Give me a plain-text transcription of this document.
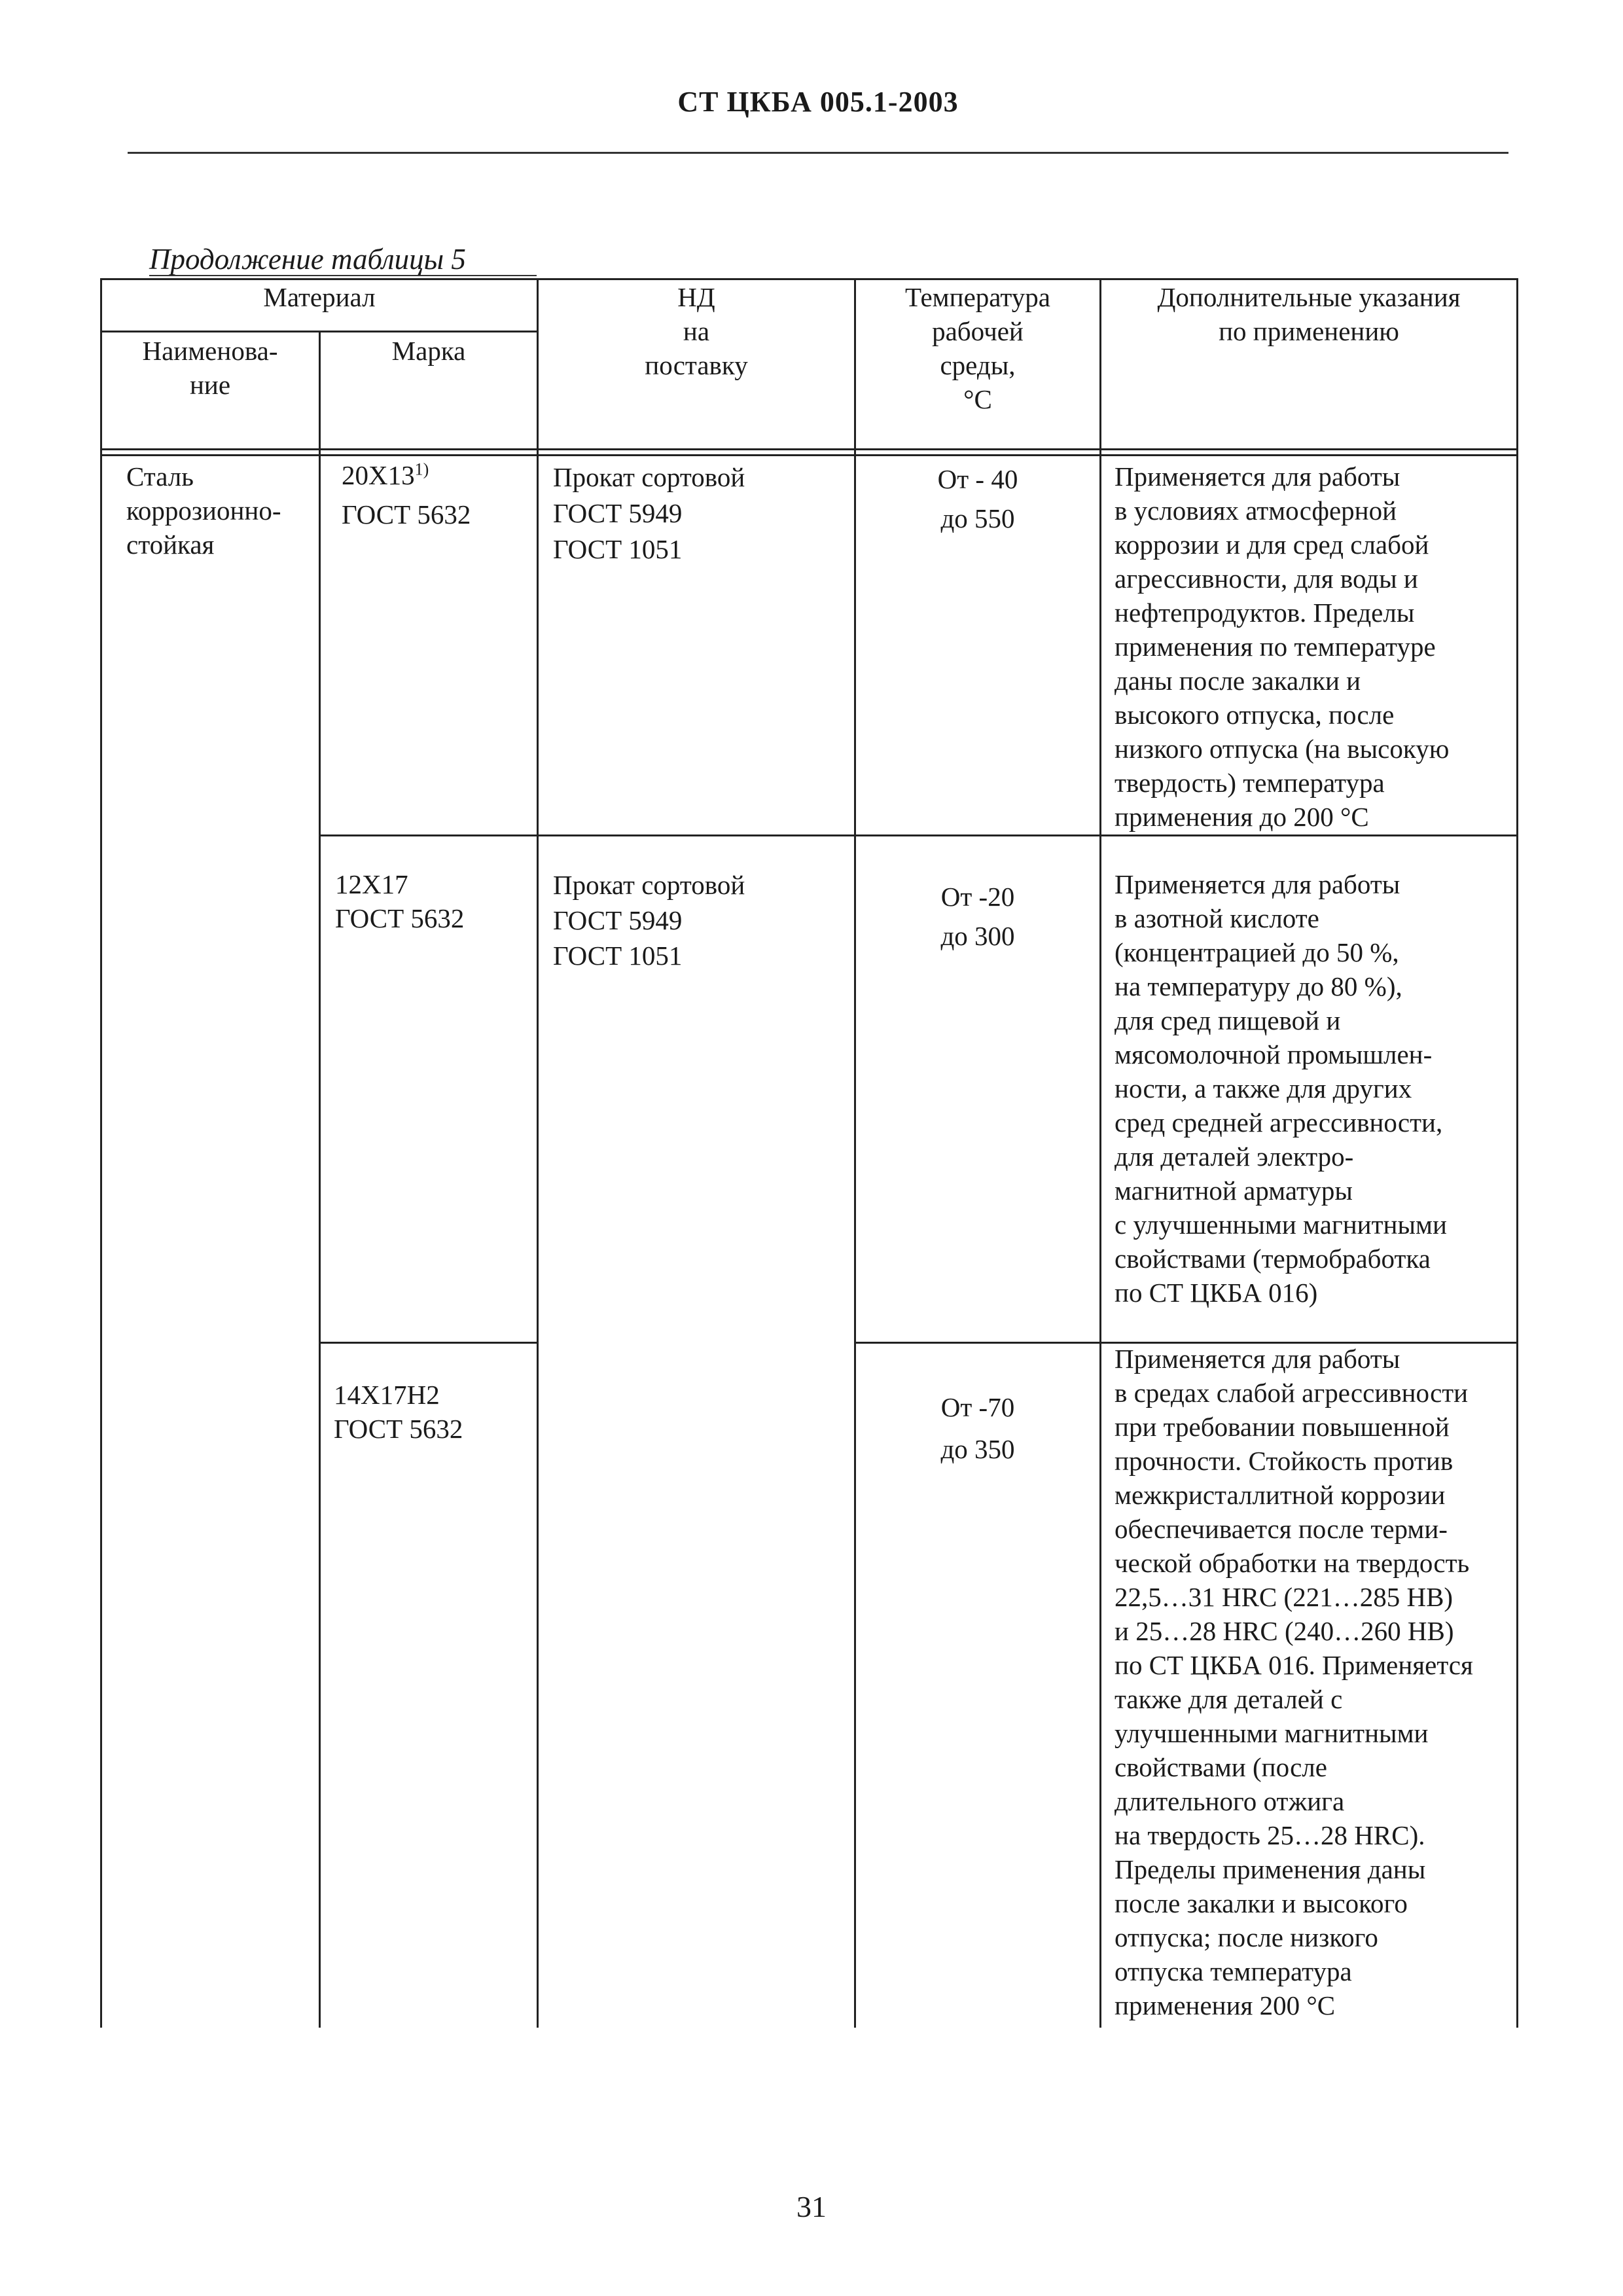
СТ ЦКБА 005.1-2003
Продолжение таблицы 5
Материал
Наименова-
ние
Марка
НД
на
поставку
Температура
рабочей
среды,
°С
Дополнительные указания
по применению
Сталь
коррозионно-
стойкая
20Х13$^{1)}$
ГОСТ 5632
Прокат сортовой
ГОСТ 5949
ГОСТ 1051
От - 40
до 550
Применяется для работы
в условиях атмосферной
коррозии и для сред слабой
агрессивности, для воды и
нефтепродуктов. Пределы
применения по температуре
даны после закалки и
высокого отпуска, после
низкого отпуска (на высокую
твердость) температура
применения до 200 °С
12Х17
ГОСТ 5632
Прокат сортовой
ГОСТ 5949
ГОСТ 1051
От -20
до 300
Применяется для работы
в азотной кислоте
(концентрацией до 50 %,
на температуру до 80 %),
для сред пищевой и
мясомолочной промышлен-
ности, а также для других
сред средней агрессивности,
для деталей электро-
магнитной арматуры
с улучшенными магнитными
свойствами (термобработка
по СТ ЦКБА 016)
14Х17Н2
ГОСТ 5632
От -70
до 350
Применяется для работы
в средах слабой агрессивности
при требовании повышенной
прочности. Стойкость против
межкристаллитной коррозии
обеспечивается после терми-
ческой обработки на твердость
22,5…31 HRC (221…285 HB)
и 25…28 HRC (240…260 HB)
по СТ ЦКБА 016. Применяется
также для деталей с
улучшенными магнитными
свойствами (после
длительного отжига
на твердость 25…28 HRC).
Пределы применения даны
после закалки и высокого
отпуска; после низкого
отпуска температура
применения 200 °С
31
